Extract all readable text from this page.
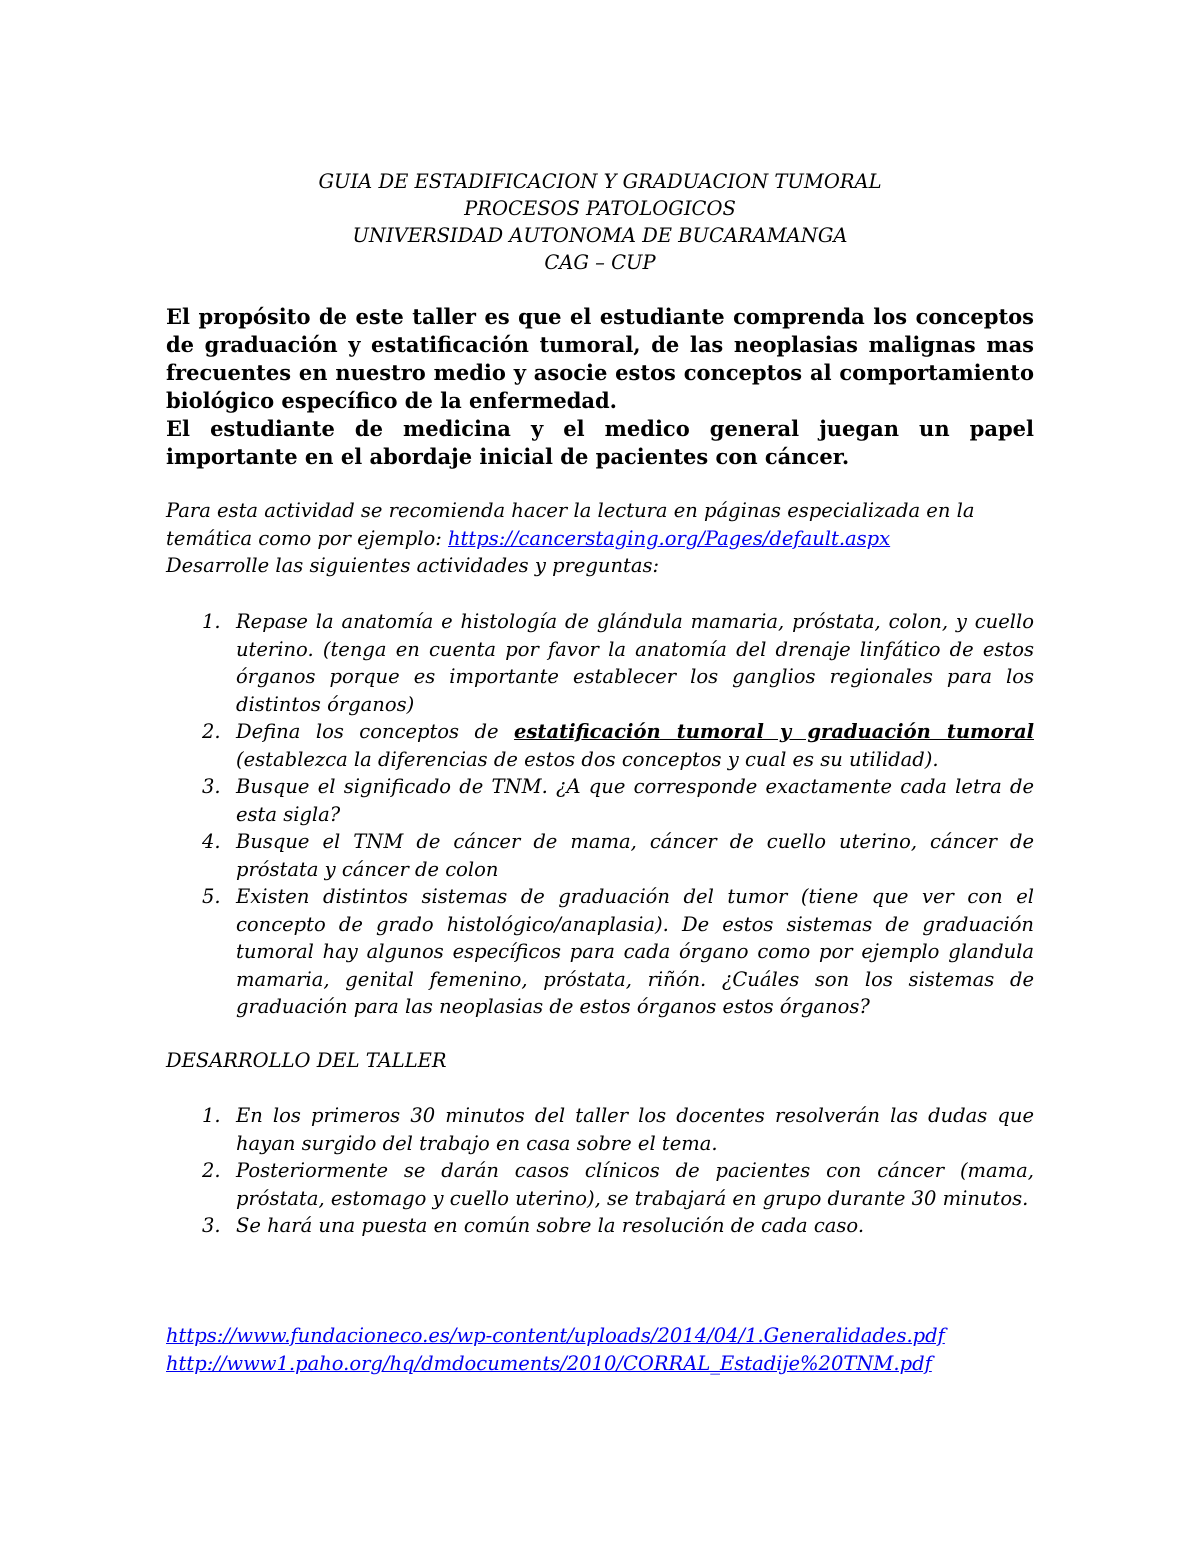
GUIA DE ESTADIFICACION Y GRADUACION TUMORAL
PROCESOS PATOLOGICOS
UNIVERSIDAD AUTONOMA DE BUCARAMANGA
CAG – CUP

El propósito de este taller es que el estudiante comprenda los conceptos de graduación y estatificación tumoral, de las neoplasias malignas mas frecuentes en nuestro medio y asocie estos conceptos al comportamiento biológico específico de la enfermedad.

El estudiante de medicina y el medico general juegan un papel importante en el abordaje inicial de pacientes con cáncer.

Para esta actividad se recomienda hacer la lectura en páginas especializada en la temática como por ejemplo: https://cancerstaging.org/Pages/default.aspx

Desarrolle las siguientes actividades y preguntas:

1. Repase la anatomía e histología de glándula mamaria, próstata, colon, y cuello uterino. (tenga en cuenta por favor la anatomía del drenaje linfático de estos órganos porque es importante establecer los ganglios regionales para los distintos órganos)
2. Defina los conceptos de estatificación tumoral y graduación tumoral (establezca la diferencias de estos dos conceptos y cual es su utilidad).
3. Busque el significado de TNM. ¿A que corresponde exactamente cada letra de esta sigla?
4. Busque el TNM de cáncer de mama, cáncer de cuello uterino, cáncer de próstata y cáncer de colon
5. Existen distintos sistemas de graduación del tumor (tiene que ver con el concepto de grado histológico/anaplasia). De estos sistemas de graduación tumoral hay algunos específicos para cada órgano como por ejemplo glandula mamaria, genital femenino, próstata, riñón. ¿Cuáles son los sistemas de graduación para las neoplasias de estos órganos estos órganos?
DESARROLLO DEL TALLER
1. En los primeros 30 minutos del taller los docentes resolverán las dudas que hayan surgido del trabajo en casa sobre el tema.
2. Posteriormente se darán casos clínicos de pacientes con cáncer (mama, próstata, estomago y cuello uterino), se trabajará en grupo durante 30 minutos.
3. Se hará una puesta en común sobre la resolución de cada caso.
https://www.fundacioneco.es/wp-content/uploads/2014/04/1.Generalidades.pdf
http://www1.paho.org/hq/dmdocuments/2010/CORRAL_Estadije%20TNM.pdf
